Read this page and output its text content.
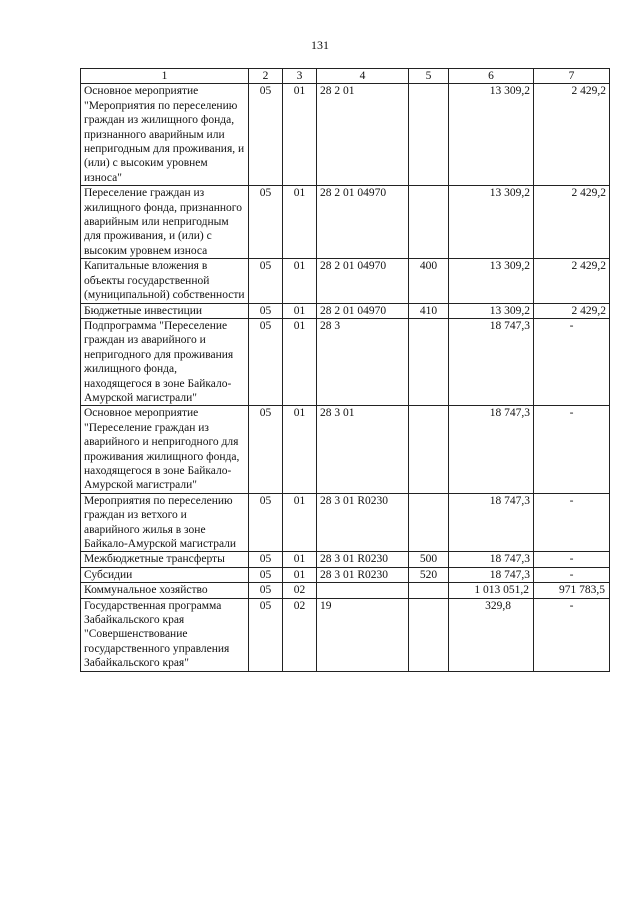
131
1	2	3	4	5	6	7
Основное мероприятие "Мероприятия по переселению граждан из жилищного фонда, признанного аварийным или непригодным для проживания, и (или) с высоким уровнем износа"	05	01	28 2 01		13 309,2	2 429,2
Переселение граждан из жилищного фонда, признанного аварийным или непригодным для проживания, и (или) с высоким уровнем износа	05	01	28 2 01 04970		13 309,2	2 429,2
Капитальные вложения в объекты государственной (муниципальной) собственности	05	01	28 2 01 04970	400	13 309,2	2 429,2
Бюджетные инвестиции	05	01	28 2 01 04970	410	13 309,2	2 429,2
Подпрограмма "Переселение граждан из аварийного и непригодного для проживания жилищного фонда, находящегося в зоне Байкало-Амурской магистрали"	05	01	28 3		18 747,3	-
Основное мероприятие "Переселение граждан из аварийного и непригодного для проживания жилищного фонда, находящегося в зоне Байкало-Амурской магистрали"	05	01	28 3 01		18 747,3	-
Мероприятия по переселению граждан из ветхого и аварийного жилья в зоне Байкало-Амурской магистрали	05	01	28 3 01 R0230		18 747,3	-
Межбюджетные трансферты	05	01	28 3 01 R0230	500	18 747,3	-
Субсидии	05	01	28 3 01 R0230	520	18 747,3	-
Коммунальное хозяйство	05	02			1 013 051,2	971 783,5
Государственная программа Забайкальского края "Совершенствование государственного управления Забайкальского края"	05	02	19		329,8	-
